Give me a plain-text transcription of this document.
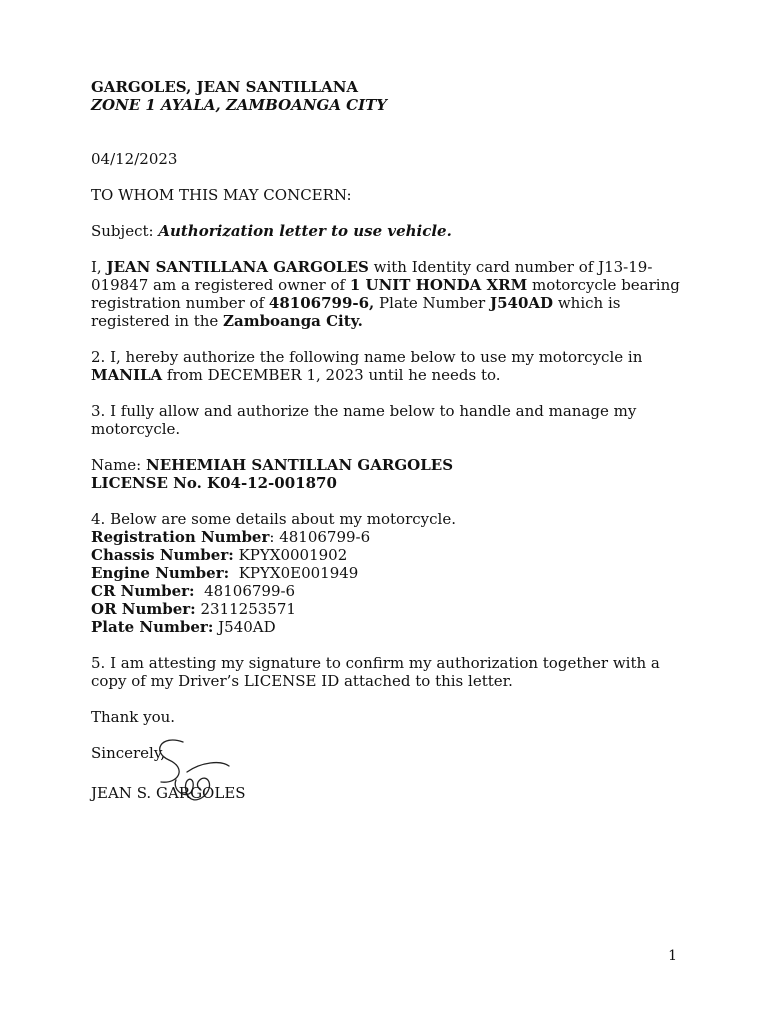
GARGOLES, JEAN SANTILLANA

ZONE 1 AYALA, ZAMBOANGA CITY

04/12/2023

TO WHOM THIS MAY CONCERN:

Subject: Authorization letter to use vehicle.

I, JEAN SANTILLANA GARGOLES with Identity card number of J13-19-019847 am a registered owner of 1 UNIT HONDA XRM motorcycle bearing registration number of 48106799-6, Plate Number J540AD which is registered in the Zamboanga City.

2. I, hereby authorize the following name below to use my motorcycle in MANILA from DECEMBER 1, 2023 until he needs to.

3. I fully allow and authorize the name below to handle and manage my motorcycle.

Name: NEHEMIAH SANTILLAN GARGOLES

LICENSE No. K04-12-001870

4. Below are some details about my motorcycle.

Registration Number: 48106799-6

Chassis Number: KPYX0001902

Engine Number: KPYX0E001949

CR Number: 48106799-6

OR Number: 2311253571

Plate Number: J540AD

5. I am attesting my signature to confirm my authorization together with a copy of my Driver’s LICENSE ID attached to this letter.

Thank you.

Sincerely,

JEAN S. GARGOLES

1
